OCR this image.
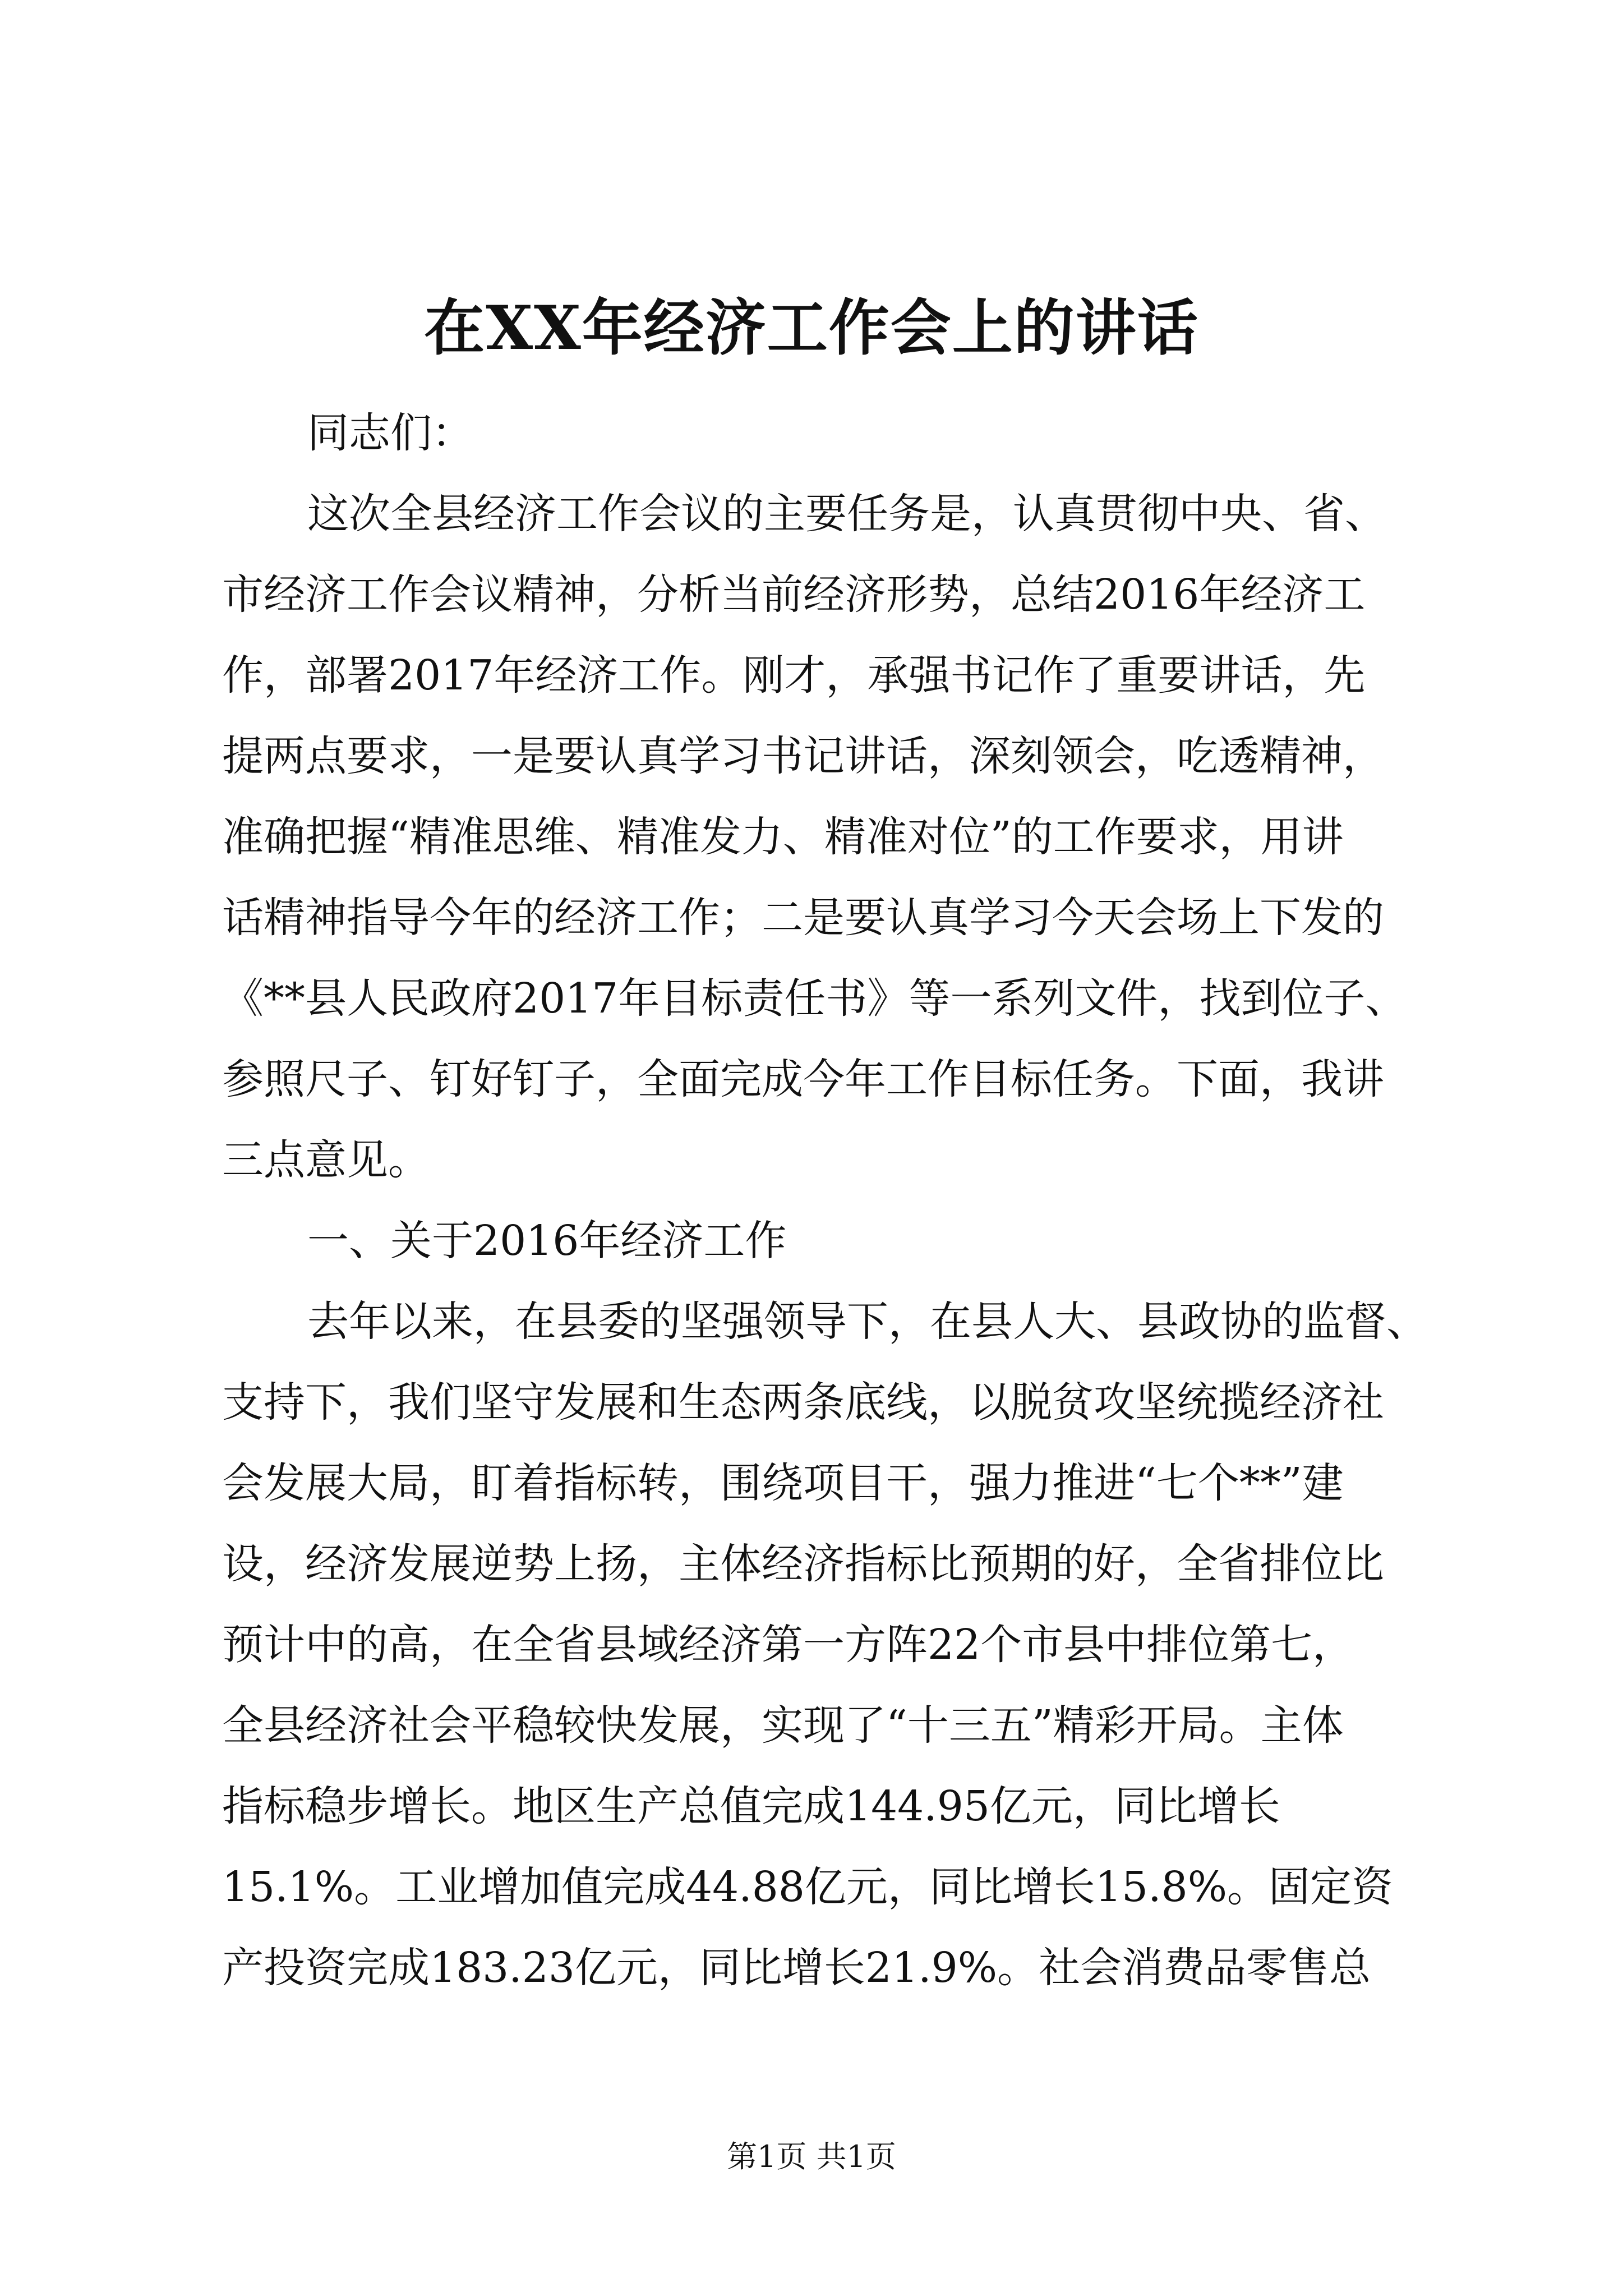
在XX年经济工作会上的讲话
同志们：
这次全县经济工作会议的主要任务是，认真贯彻中央、省、
市经济工作会议精神，分析当前经济形势，总结2016年经济工
作，部署2017年经济工作。刚才，承强书记作了重要讲话，先
提两点要求，一是要认真学习书记讲话，深刻领会，吃透精神，
准确把握“精准思维、精准发力、精准对位”的工作要求，用讲
话精神指导今年的经济工作；二是要认真学习今天会场上下发的
《**县人民政府2017年目标责任书》等一系列文件，找到位子、
参照尺子、钉好钉子，全面完成今年工作目标任务。下面，我讲
三点意见。
一、关于2016年经济工作
去年以来，在县委的坚强领导下，在县人大、县政协的监督、
支持下，我们坚守发展和生态两条底线，以脱贫攻坚统揽经济社
会发展大局，盯着指标转，围绕项目干，强力推进“七个**”建
设，经济发展逆势上扬，主体经济指标比预期的好，全省排位比
预计中的高，在全省县域经济第一方阵22个市县中排位第七，
全县经济社会平稳较快发展，实现了“十三五”精彩开局。主体
指标稳步增长。地区生产总值完成144.95亿元，同比增长
15.1%。工业增加值完成44.88亿元，同比增长15.8%。固定资
产投资完成183.23亿元，同比增长21.9%。社会消费品零售总
第1页 共1页
